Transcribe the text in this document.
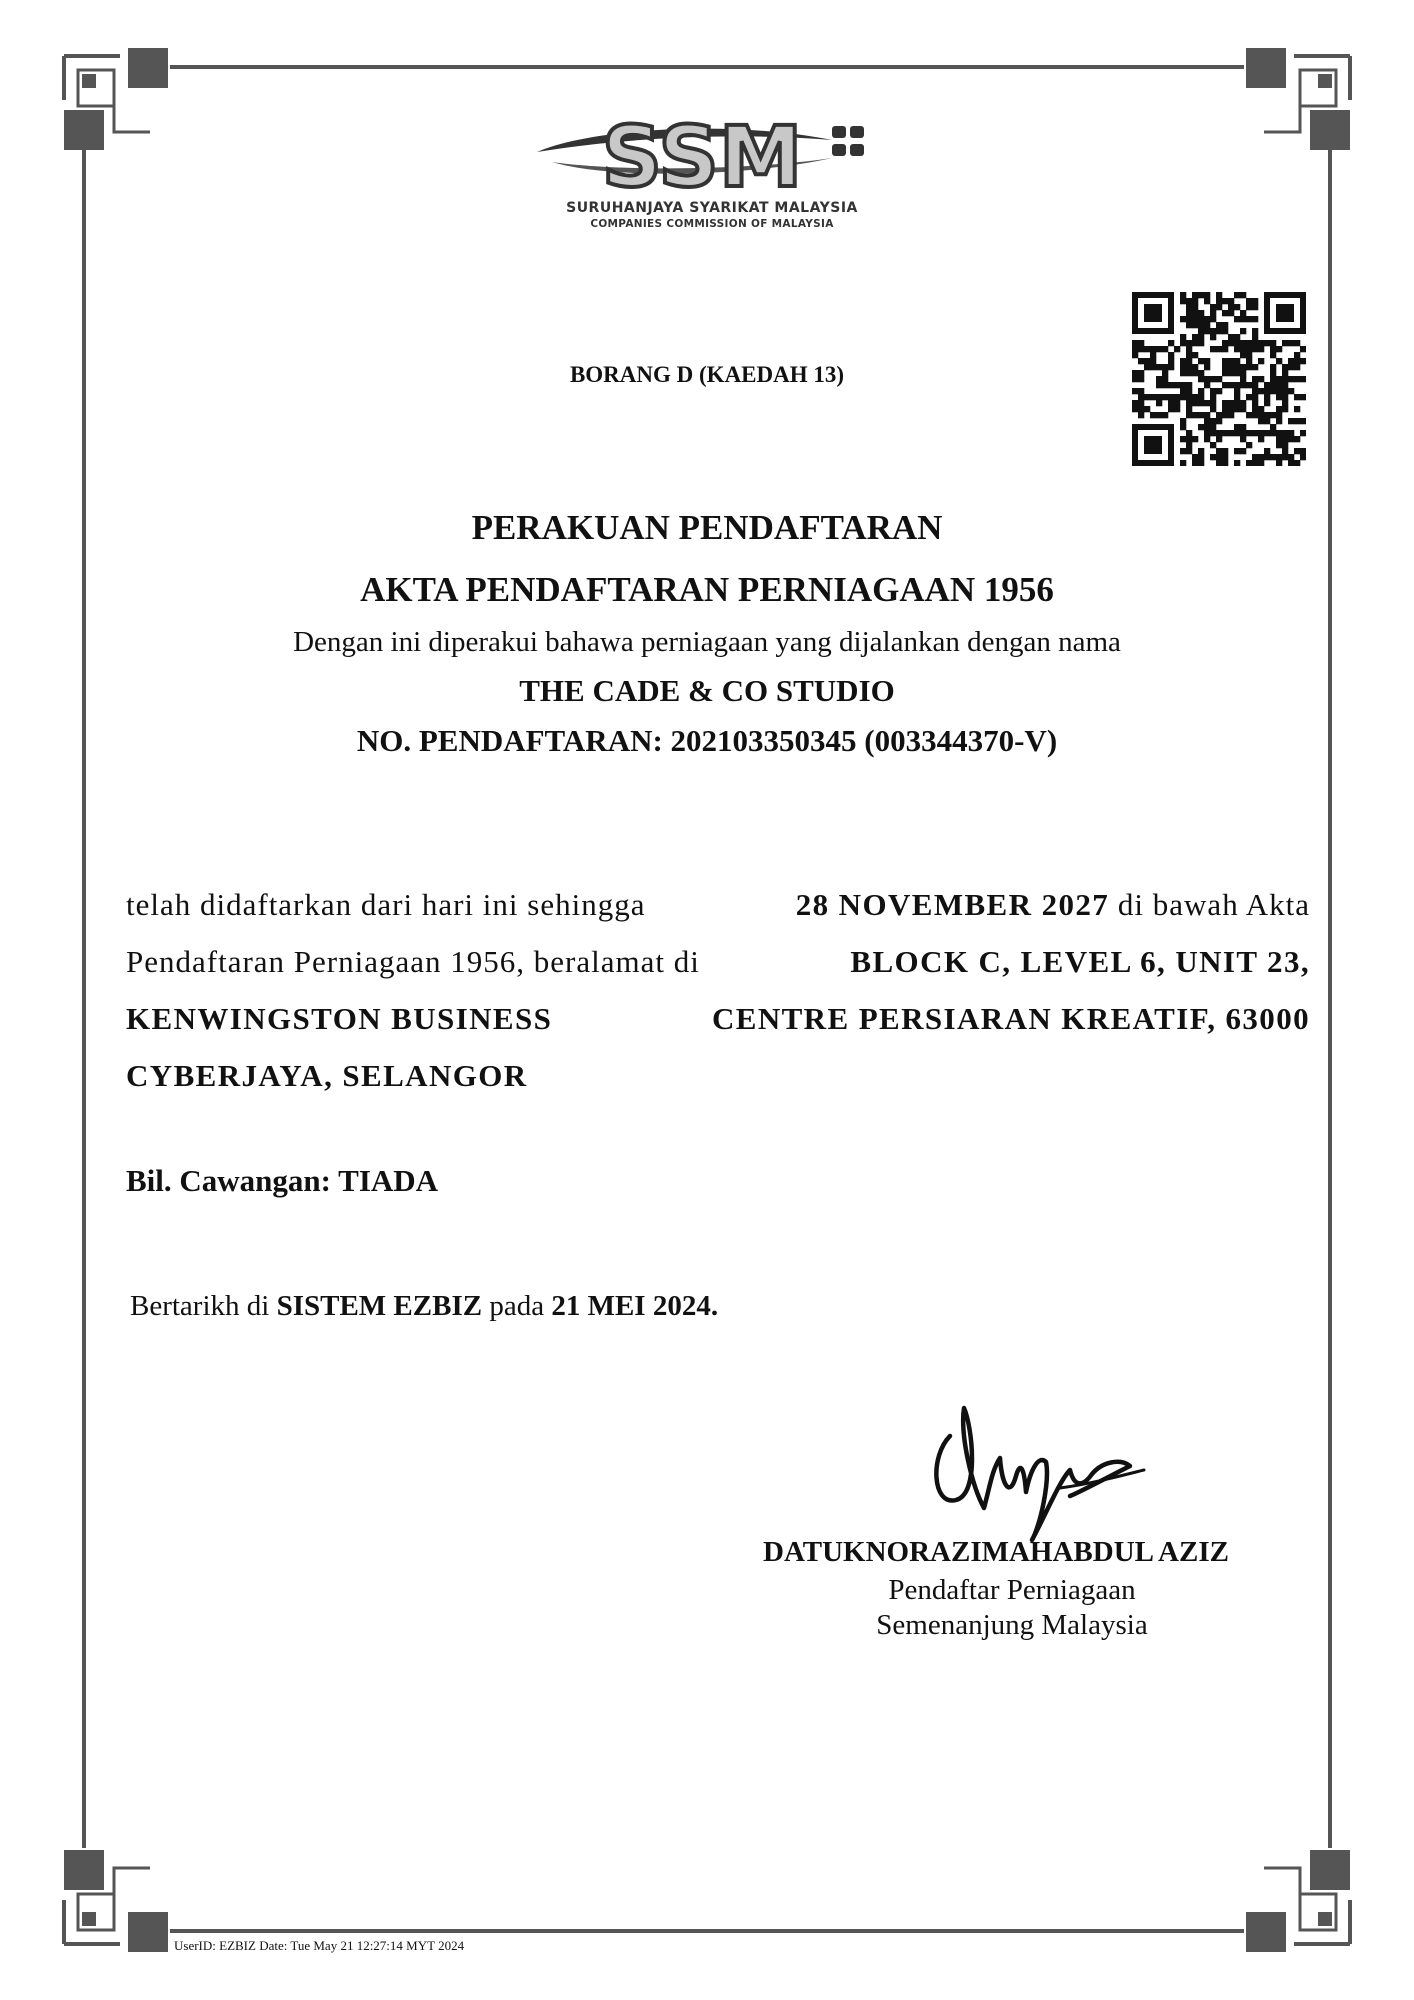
SSM
SURUHANJAYA SYARIKAT MALAYSIA
COMPANIES COMMISSION OF MALAYSIA
BORANG D (KAEDAH 13)
PERAKUAN PENDAFTARAN
AKTA PENDAFTARAN PERNIAGAAN 1956
Dengan ini diperakui bahawa perniagaan yang dijalankan dengan nama
THE CADE & CO STUDIO
NO. PENDAFTARAN: 202103350345 (003344370-V)
telah didaftarkan dari hari ini sehingga	28 NOVEMBER 2027 di bawah Akta
Pendaftaran Perniagaan 1956, beralamat di	BLOCK C, LEVEL 6, UNIT 23,
KENWINGSTON BUSINESS	CENTRE PERSIARAN KREATIF, 63000
CYBERJAYA, SELANGOR
Bil. Cawangan: TIADA
Bertarikh di SISTEM EZBIZ pada 21 MEI 2024.
DATUKNORAZIMAHABDUL AZIZ
Pendaftar Perniagaan
Semenanjung Malaysia
UserID: EZBIZ Date: Tue May 21 12:27:14 MYT 2024
